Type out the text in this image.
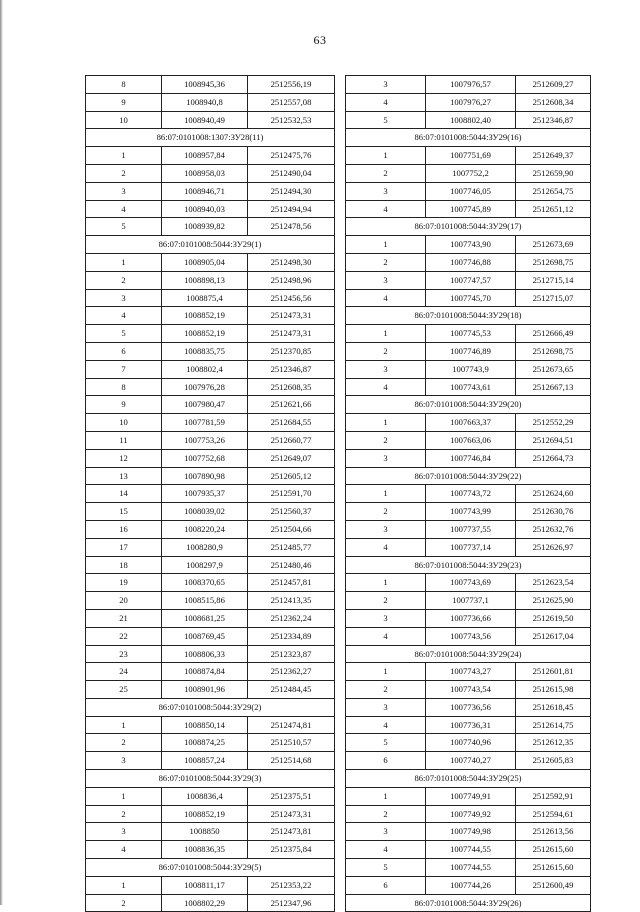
63
8	1008945,36	2512556,19
9	1008940,8	2512557,08
10	1008940,49	2512532,53
86:07:0101008:1307:ЗУ28(11)		
1	1008957,84	2512475,76
2	1008958,03	2512490,04
3	1008946,71	2512494,30
4	1008940,03	2512494,94
5	1008939,82	2512478,56
86:07:0101008:5044:ЗУ29(1)		
1	1008905,04	2512498,30
2	1008898,13	2512498,96
3	1008875,4	2512456,56
4	1008852,19	2512473,31
5	1008852,19	2512473,31
6	1008835,75	2512370,85
7	1008802,4	2512346,87
8	1007976,28	2512608,35
9	1007980,47	2512621,66
10	1007781,59	2512684,55
11	1007753,26	2512660,77
12	1007752,68	2512649,07
13	1007890,98	2512605,12
14	1007935,37	2512591,70
15	1008039,02	2512560,37
16	1008220,24	2512504,66
17	1008280,9	2512485,77
18	1008297,9	2512480,46
19	1008370,65	2512457,81
20	1008515,86	2512413,35
21	1008681,25	2512362,24
22	1008769,45	2512334,89
23	1008806,33	2512323,87
24	1008874,84	2512362,27
25	1008901,96	2512484,45
86:07:0101008:5044:ЗУ29(2)		
1	1008850,14	2512474,81
2	1008874,25	2512510,57
3	1008857,24	2512514,68
86:07:0101008:5044:ЗУ29(3)		
1	1008836,4	2512375,51
2	1008852,19	2512473,31
3	1008850	2512473,81
4	1008836,35	2512375,84
86:07:0101008:5044:ЗУ29(5)		
1	1008811,17	2512353,22
2	1008802,29	2512347,96
3	1007976,57	2512609,27
4	1007976,27	2512608,34
5	1008802,40	2512346,87
86:07:0101008:5044:ЗУ29(16)		
1	1007751,69	2512649,37
2	1007752,2	2512659,90
3	1007746,05	2512654,75
4	1007745,89	2512651,12
86:07:0101008:5044:ЗУ29(17)		
1	1007743,90	2512673,69
2	1007746,88	2512698,75
3	1007747,57	2512715,14
4	1007745,70	2512715,07
86:07:0101008:5044:ЗУ29(18)		
1	1007745,53	2512666,49
2	1007746,89	2512698,75
3	1007743,9	2512673,65
4	1007743,61	2512667,13
86:07:0101008:5044:ЗУ29(20)		
1	1007663,37	2512552,29
2	1007663,06	2512694,51
3	1007746,84	2512664,73
86:07:0101008:5044:ЗУ29(22)		
1	1007743,72	2512624,60
2	1007743,99	2512630,76
3	1007737,55	2512632,76
4	1007737,14	2512626,97
86:07:0101008:5044:ЗУ29(23)		
1	1007743,69	2512623,54
2	1007737,1	2512625,90
3	1007736,66	2512619,50
4	1007743,56	2512617,04
86:07:0101008:5044:ЗУ29(24)		
1	1007743,27	2512601,81
2	1007743,54	2512615,98
3	1007736,56	2512618,45
4	1007736,31	2512614,75
5	1007740,96	2512612,35
6	1007740,27	2512605,83
86:07:0101008:5044:ЗУ29(25)		
1	1007749,91	2512592,91
2	1007749,92	2512594,61
3	1007749,98	2512613,56
4	1007744,55	2512615,60
5	1007744,55	2512615,60
6	1007744,26	2512600,49
86:07:0101008:5044:ЗУ29(26)		
